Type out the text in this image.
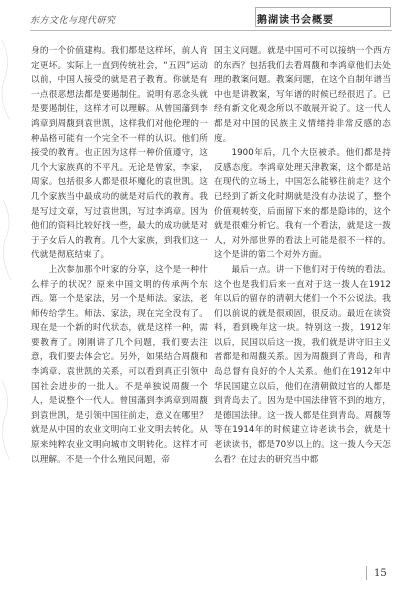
东方文化与现代研究	鹅湖读书会概要

身的一个价值建构。我们都是这样坏，前人肯定更坏。实际上一直到传统社会，“五四”运动以前，中国人接受的就是君子教育。你就是有一点很恶想法都是要遏制住。说明有恶念头就是要遏制住，这样才可以理解。从曾国藩到李鸿章到周馥到袁世凯，这样我们对他伦理的一种品格可能有一个完全不一样的认识。他们所接受的教育。也正因为这样一种价值遵守，这几个大家族真的不平凡。无论是曾家，李家，周家。包括很多人都是很坏魔化的袁世凯。这几个家族当中最成功的就是对后代的教育。我是写过文章，写过袁世凯，写过李鸿章。因为他们的资料比较好找一些，最大的成功就是对于子女后人的教育。几个大家族，到我们这一代就是彻底结束了。

上次参加那个叶家的分享，这个是一种什么样子的状况？原来中国文明的传承两个东西。第一个是家法，另一个是师法。家法，老师传给学生。师法、家法，现在完全没有了。现在是一个新的时代状态，就是这样一种，需要教育了。刚刚讲了几个问题，我们要去注意，我们要去体会它。另外，如果结合周馥和李鸿章、袁世凯的关系，可以看到真正引领中国社会进步的一批人。不是单独说周馥一个人，是说整个一代人。曾国藩到李鸿章到周馥到袁世凯，是引领中国往前走，意义在哪里？就是从中国的农业文明向工业文明去转化。从原来纯粹农业文明向城市文明转化。这样才可以理解。不是一个什么殖民问题，帝

国主义问题。就是中国可不可以接纳一个西方的东西？包括我们去看周馥和李鸿章他们去处理的教案问题。教案问题，在这个自制年谱当中也是讲教案，写年谱的时候已经很迟了。已经有新文化观念所以不敢展开说了。这一代人都是对中国的民族主义情绪持非常反感的态度。

1900年后，几个大臣被杀。他们都是持反感态度。李鸿章处理天津教案，这个都是站在现代的立场上，中国怎么能够往前走？这个已经到了新文化时期就是没有办法说了，整个价值观转变，后面留下来的都是隐讳的，这个就是很难分析它。我有一个看法，就是这一拨人，对外部世界的看法上可能是很不一样的。这个是讲的第二个对外方面。

最后一点。讲一下他们对于传统的看法。这个也是我们后来一直对于这一拨人在1912年以后的留存的清朝大佬们一个不公说法。我们以前说的就是很顽固，很反动。最近在读资料，看到晚年这一块。特别这一拨，1912年以后，民国以后这一拨，我们就是讲守旧主义者都是和周馥关系。因为周馥到了青岛，和青岛总督有良好的个人关系。他们在1912年中华民国建立以后，他们在清朝做过官的人都是到青岛去了。因为是中国法律管不到的地方，是德国法律。这一拨人都是住到青岛。周馥等等在1914年的时候建立诗老读书会，就是十老读读书，都是70岁以上的。这一拨人今天怎么看？在过去的研究当中都

15
